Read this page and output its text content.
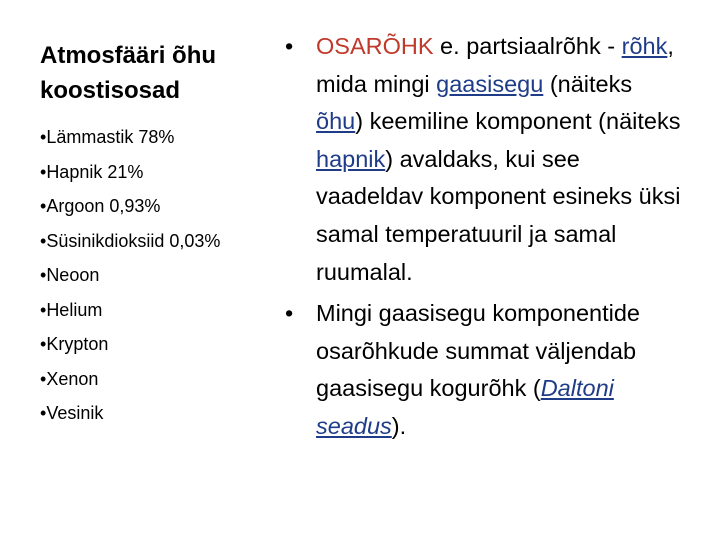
Atmosfääri õhu
koostisosad
• Lämmastik 78%
• Hapnik 21%
• Argoon 0,93%
• Süsinikdioksiid 0,03%
• Neoon
• Helium
• Krypton
• Xenon
• Vesinik

• OSARÕHK e. partsiaalrõhk - rõhk, mida mingi gaasisegu (näiteks õhu) keemiline komponent (näiteks hapnik) avaldaks, kui see vaadeldav komponent esineks üksi samal temperatuuril ja samal ruumalal.

• Mingi gaasisegu komponentide osarõhkude summat väljendab gaasisegu kogurõhk (Daltoni seadus).
